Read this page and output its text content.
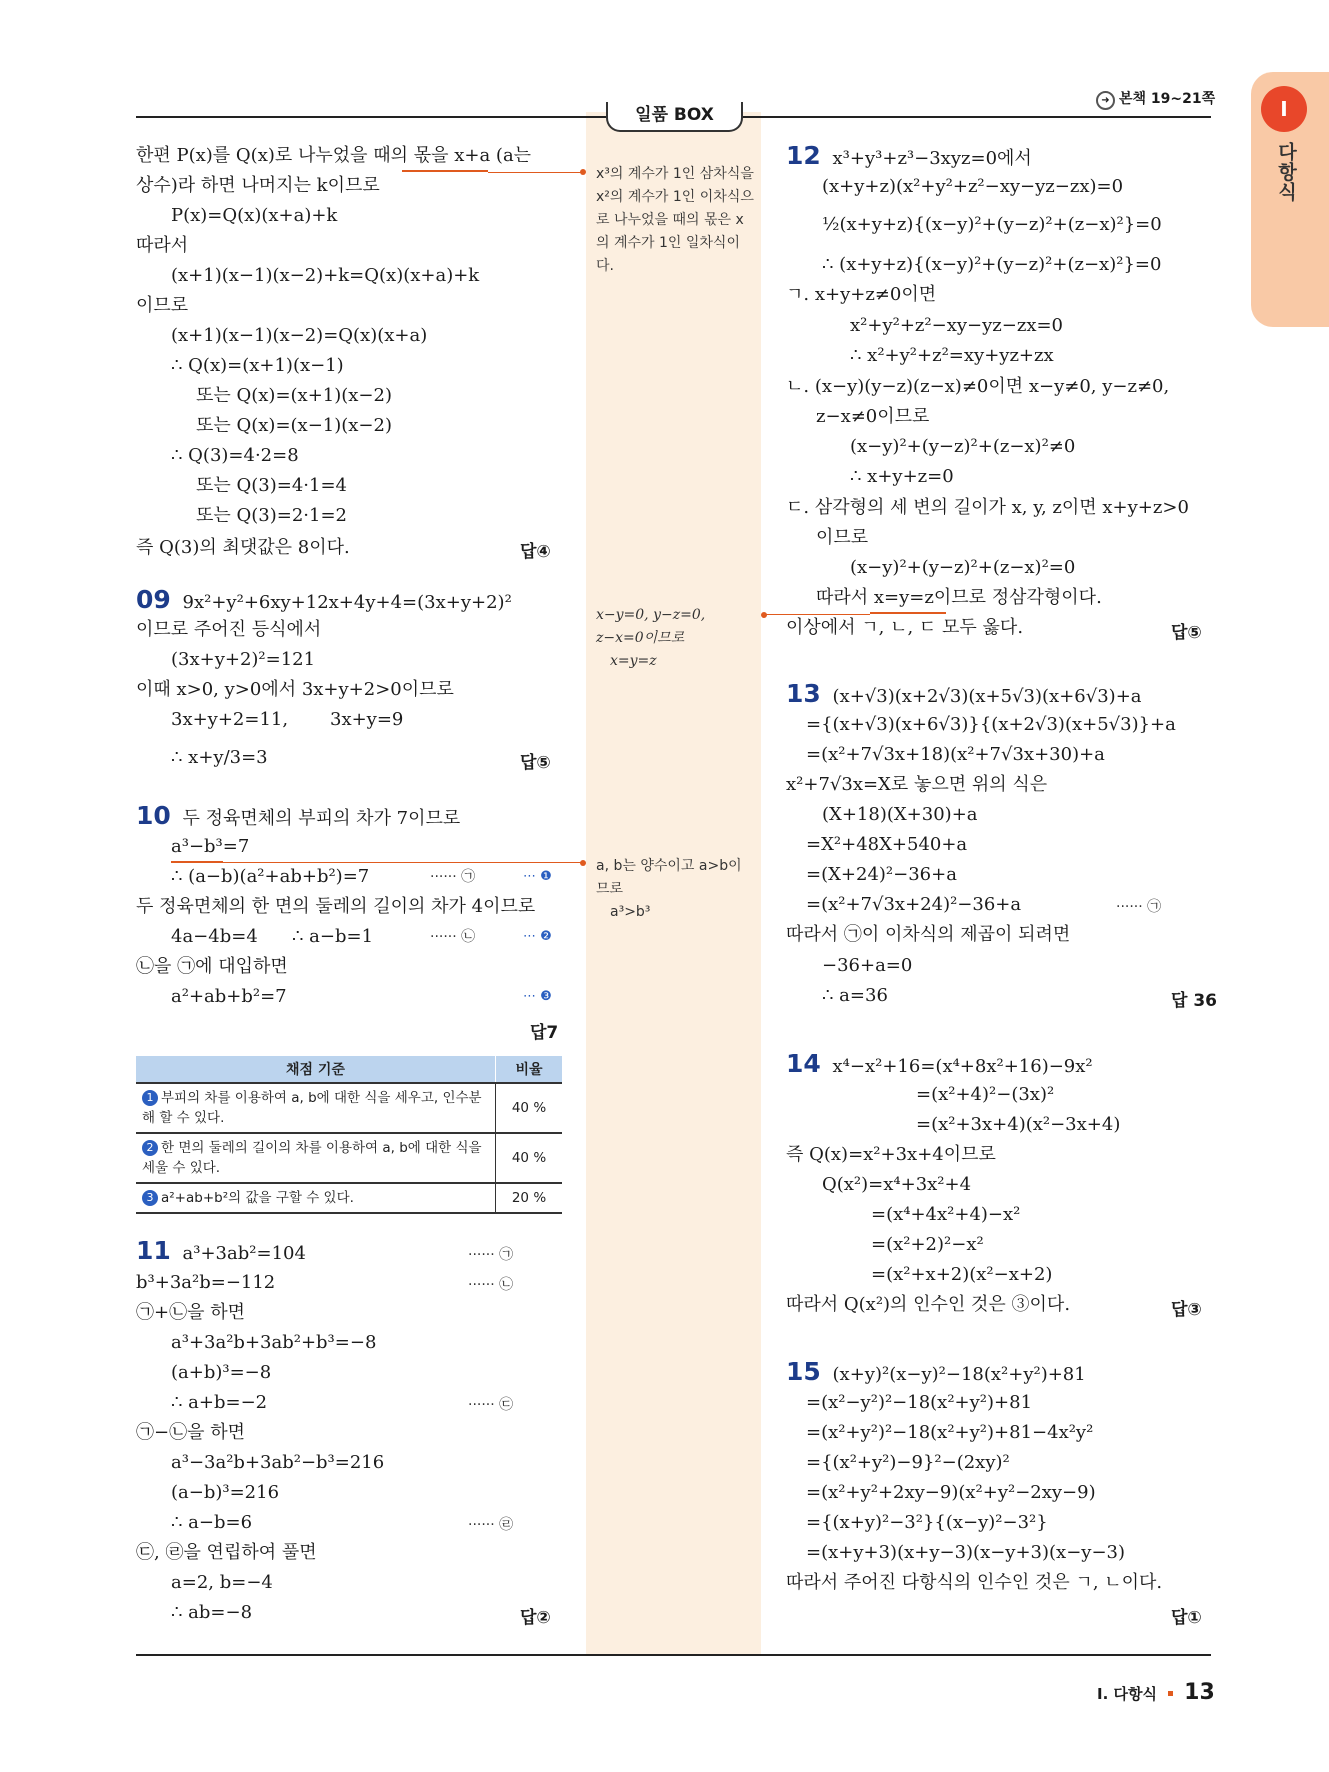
I
다항식
일품 BOX
➜ 본책 19~21쪽
I. 다항식 13
한편 P(x)를 Q(x)로 나누었을 때의 몫을 x+a (a는
상수)라 하면 나머지는 k이므로
P(x)=Q(x)(x+a)+k
따라서
(x+1)(x−1)(x−2)+k=Q(x)(x+a)+k
이므로
(x+1)(x−1)(x−2)=Q(x)(x+a)
∴ Q(x)=(x+1)(x−1)
또는 Q(x)=(x+1)(x−2)
또는 Q(x)=(x−1)(x−2)
∴ Q(3)=4·2=8
또는 Q(3)=4·1=4
또는 Q(3)=2·1=2
즉 Q(3)의 최댓값은 8이다.	답④
09 9x²+y²+6xy+12x+4y+4=(3x+y+2)²
이므로 주어진 등식에서
(3x+y+2)²=121
이때 x>0, y>0에서 3x+y+2>0이므로
3x+y+2=11, 3x+y=9
∴ x+y/3=3	답⑤
10 두 정육면체의 부피의 차가 7이므로
a³−b³=7
∴ (a−b)(a²+ab+b²)=7	······ ㉠	⋯ ❶
두 정육면체의 한 면의 둘레의 길이의 차가 4이므로
4a−4b=4 ∴ a−b=1	······ ㉡	⋯ ❷
㉡을 ㉠에 대입하면
a²+ab+b²=7	⋯ ❸
답7
채점 기준	비율
1 부피의 차를 이용하여 a, b에 대한 식을 세우고, 인수분해 할 수 있다.	40 %
2 한 면의 둘레의 길이의 차를 이용하여 a, b에 대한 식을 세울 수 있다.	40 %
3 a²+ab+b²의 값을 구할 수 있다.	20 %
11 a³+3ab²=104	······ ㉠
b³+3a²b=−112	······ ㉡
㉠+㉡을 하면
a³+3a²b+3ab²+b³=−8
(a+b)³=−8
∴ a+b=−2	······ ㉢
㉠−㉡을 하면
a³−3a²b+3ab²−b³=216
(a−b)³=216
∴ a−b=6	······ ㉣
㉢, ㉣을 연립하여 풀면
a=2, b=−4
∴ ab=−8	답②
x³의 계수가 1인 삼차식을
x²의 계수가 1인 이차식으
로 나누었을 때의 몫은 x
의 계수가 1인 일차식이
다.
x−y=0, y−z=0,
z−x=0이므로
x=y=z
a, b는 양수이고 a>b이
므로
a³>b³
12 x³+y³+z³−3xyz=0에서
(x+y+z)(x²+y²+z²−xy−yz−zx)=0
½(x+y+z){(x−y)²+(y−z)²+(z−x)²}=0
∴ (x+y+z){(x−y)²+(y−z)²+(z−x)²}=0
ㄱ. x+y+z≠0이면
x²+y²+z²−xy−yz−zx=0
∴ x²+y²+z²=xy+yz+zx
ㄴ. (x−y)(y−z)(z−x)≠0이면 x−y≠0, y−z≠0,
z−x≠0이므로
(x−y)²+(y−z)²+(z−x)²≠0
∴ x+y+z=0
ㄷ. 삼각형의 세 변의 길이가 x, y, z이면 x+y+z>0
이므로
(x−y)²+(y−z)²+(z−x)²=0
따라서 x=y=z이므로 정삼각형이다.
이상에서 ㄱ, ㄴ, ㄷ 모두 옳다.	답⑤
13 (x+√3)(x+2√3)(x+5√3)(x+6√3)+a
={(x+√3)(x+6√3)}{(x+2√3)(x+5√3)}+a
=(x²+7√3x+18)(x²+7√3x+30)+a
x²+7√3x=X로 놓으면 위의 식은
(X+18)(X+30)+a
=X²+48X+540+a
=(X+24)²−36+a
=(x²+7√3x+24)²−36+a	······ ㉠
따라서 ㉠이 이차식의 제곱이 되려면
−36+a=0
∴ a=36	답 36
14 x⁴−x²+16=(x⁴+8x²+16)−9x²
=(x²+4)²−(3x)²
=(x²+3x+4)(x²−3x+4)
즉 Q(x)=x²+3x+4이므로
Q(x²)=x⁴+3x²+4
=(x⁴+4x²+4)−x²
=(x²+2)²−x²
=(x²+x+2)(x²−x+2)
따라서 Q(x²)의 인수인 것은 ③이다.	답③
15 (x+y)²(x−y)²−18(x²+y²)+81
=(x²−y²)²−18(x²+y²)+81
=(x²+y²)²−18(x²+y²)+81−4x²y²
={(x²+y²)−9}²−(2xy)²
=(x²+y²+2xy−9)(x²+y²−2xy−9)
={(x+y)²−3²}{(x−y)²−3²}
=(x+y+3)(x+y−3)(x−y+3)(x−y−3)
따라서 주어진 다항식의 인수인 것은 ㄱ, ㄴ이다.
답①
